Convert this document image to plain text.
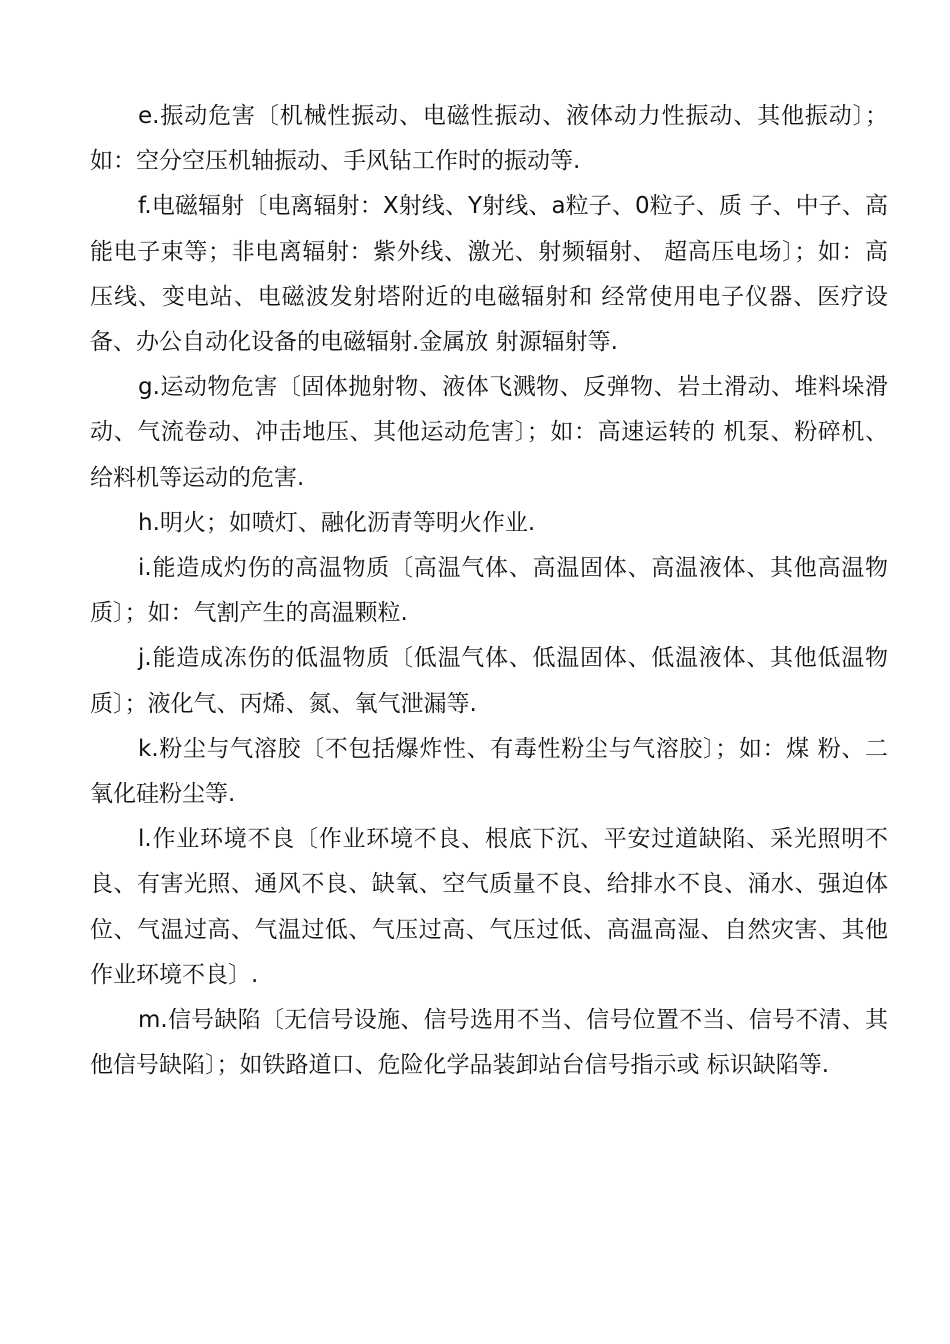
e.振动危害〔机械性振动、电磁性振动、液体动力性振动、其他振动〕；如：空分空压机轴振动、手风钻工作时的振动等.

f.电磁辐射〔电离辐射：X射线、Y射线、a粒子、0粒子、质 子、中子、高能电子束等；非电离辐射：紫外线、激光、射频辐射、 超高压电场〕；如：高压线、变电站、电磁波发射塔附近的电磁辐射和 经常使用电子仪器、医疗设备、办公自动化设备的电磁辐射.金属放 射源辐射等.

g.运动物危害〔固体抛射物、液体飞溅物、反弹物、岩土滑动、堆料垛滑动、气流卷动、冲击地压、其他运动危害〕；如：高速运转的 机泵、粉碎机、给料机等运动的危害.

h.明火；如喷灯、融化沥青等明火作业.

i.能造成灼伤的高温物质〔高温气体、高温固体、高温液体、其他高温物质〕；如：气割产生的高温颗粒.

j.能造成冻伤的低温物质〔低温气体、低温固体、低温液体、其他低温物质〕；液化气、丙烯、氮、氧气泄漏等.

k.粉尘与气溶胶〔不包括爆炸性、有毒性粉尘与气溶胶〕；如：煤 粉、二氧化硅粉尘等.

l.作业环境不良〔作业环境不良、根底下沉、平安过道缺陷、采光照明不良、有害光照、通风不良、缺氧、空气质量不良、给排水不良、涌水、强迫体位、气温过高、气温过低、气压过高、气压过低、高温高湿、自然灾害、其他作业环境不良〕.

m.信号缺陷〔无信号设施、信号选用不当、信号位置不当、信号不清、其他信号缺陷〕；如铁路道口、危险化学品装卸站台信号指示或 标识缺陷等.
